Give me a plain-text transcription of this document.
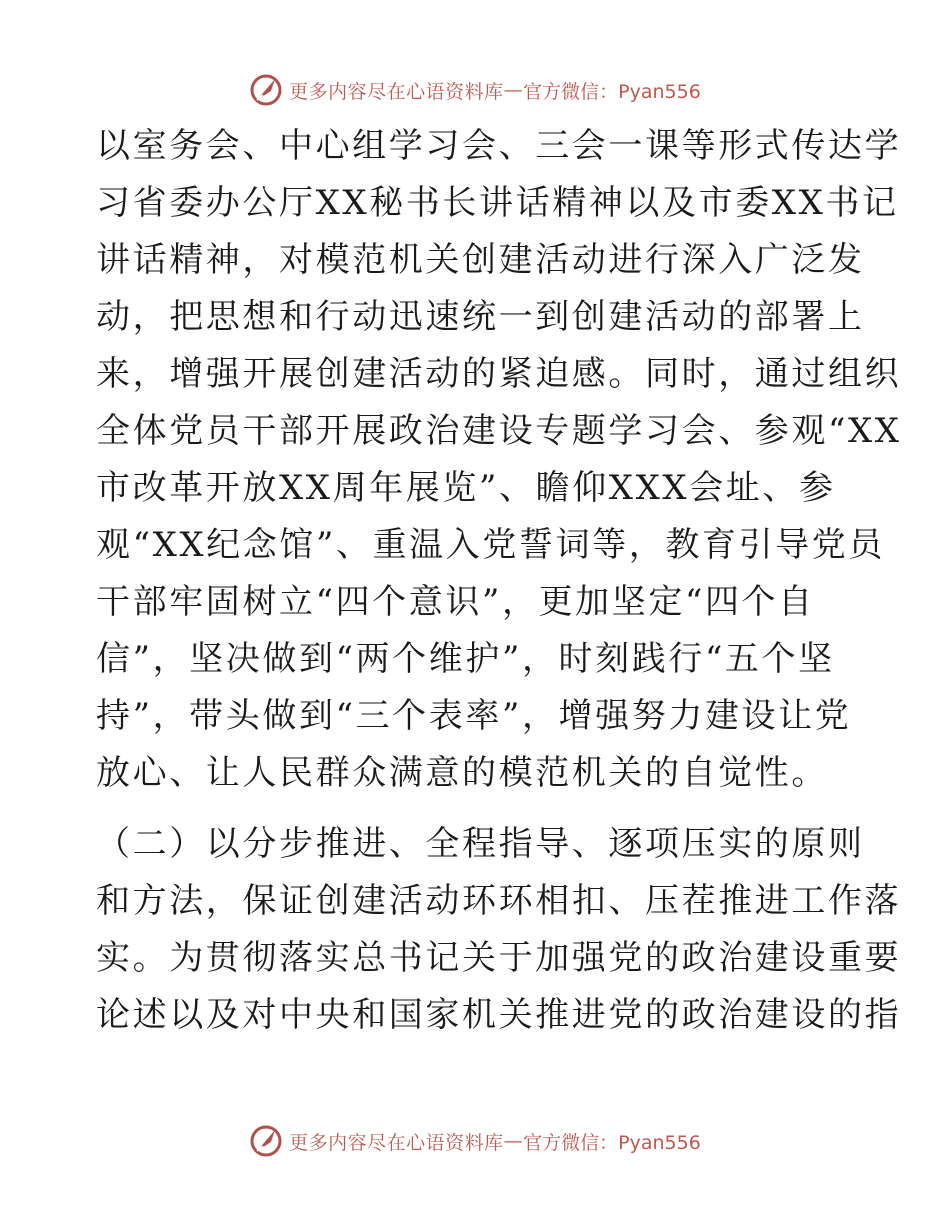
更多内容尽在心语资料库 — 官方微信：Pyan556
以室务会、中心组学习会、三会一课等形式传达学
习省委办公厅XX秘书长讲话精神以及市委XX书记
讲话精神，对模范机关创建活动进行深入广泛发
动，把思想和行动迅速统一到创建活动的部署上
来，增强开展创建活动的紧迫感。同时，通过组织
全体党员干部开展政治建设专题学习会、参观“XX
市改革开放XX周年展览”、瞻仰XXX会址、参
观“XX纪念馆”、重温入党誓词等，教育引导党员
干部牢固树立“四个意识”，更加坚定“四个自
信”，坚决做到“两个维护”，时刻践行“五个坚
持”，带头做到“三个表率”，增强努力建设让党
放心、让人民群众满意的模范机关的自觉性。
（二）以分步推进、全程指导、逐项压实的原则
和方法，保证创建活动环环相扣、压茬推进工作落
实。为贯彻落实总书记关于加强党的政治建设重要
论述以及对中央和国家机关推进党的政治建设的指
更多内容尽在心语资料库 — 官方微信：Pyan556
